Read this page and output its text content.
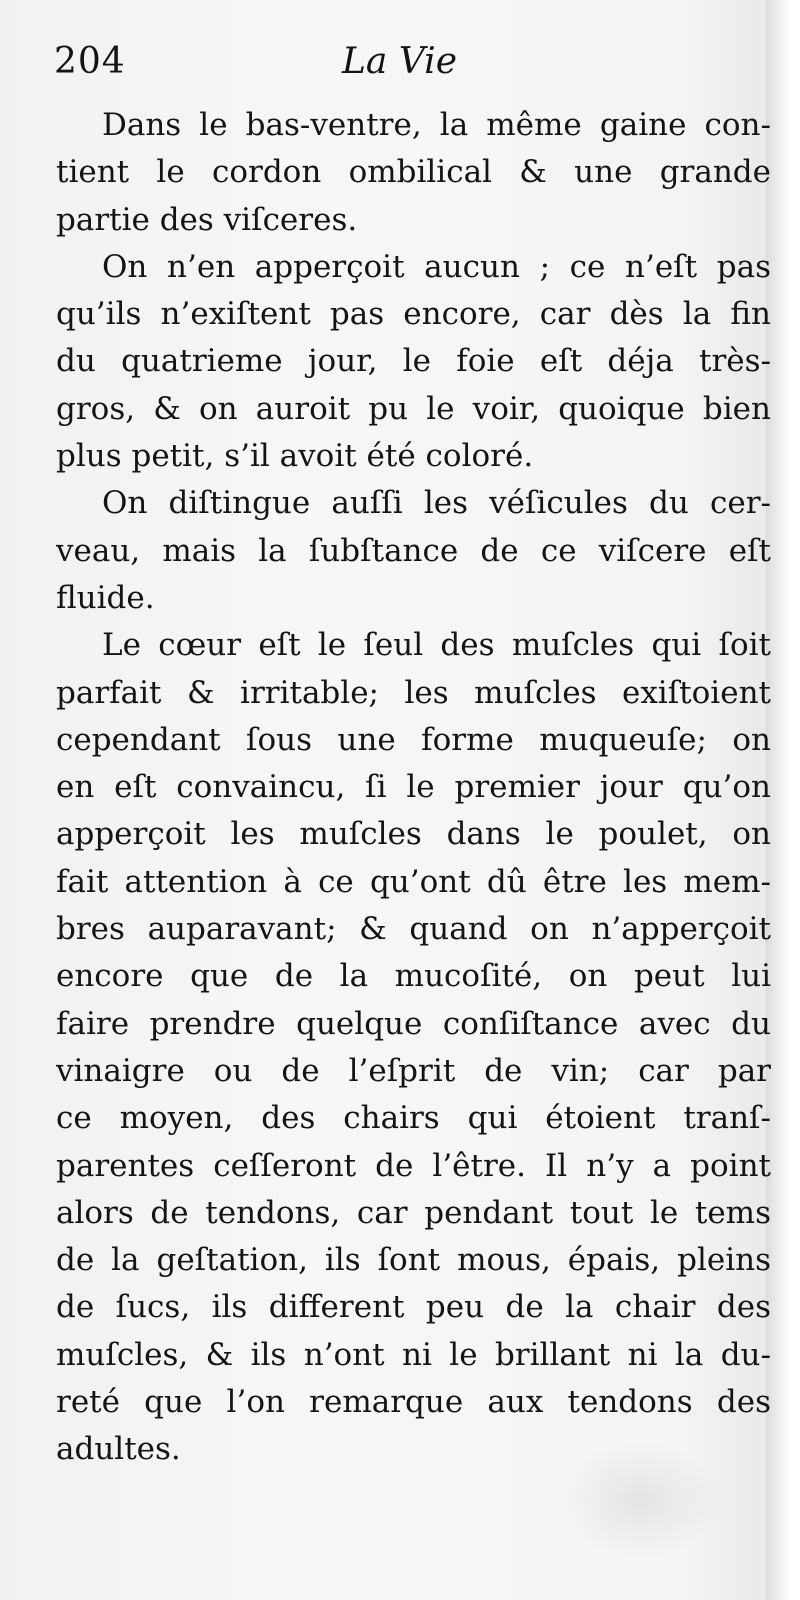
204	La Vie

Dans le bas-ventre, la même gaine con-
tient le cordon ombilical & une grande
partie des viſceres.

On n’en apperçoit aucun ; ce n’eſt pas
qu’ils n’exiſtent pas encore, car dès la fin
du quatrieme jour, le foie eſt déja très-
gros, & on auroit pu le voir, quoique bien
plus petit, s’il avoit été coloré.

On diſtingue auſſi les véſicules du cer-
veau, mais la ſubſtance de ce viſcere eſt
fluide.

Le cœur eſt le ſeul des muſcles qui ſoit
parfait & irritable; les muſcles exiſtoient
cependant ſous une forme muqueuſe; on
en eſt convaincu, ſi le premier jour qu’on
apperçoit les muſcles dans le poulet, on
fait attention à ce qu’ont dû être les mem-
bres auparavant; & quand on n’apperçoit
encore que de la mucoſité, on peut lui
faire prendre quelque conſiſtance avec du
vinaigre ou de l’eſprit de vin; car par
ce moyen, des chairs qui étoient tranſ-
parentes ceſſeront de l’être. Il n’y a point
alors de tendons, car pendant tout le tems
de la geſtation, ils ſont mous, épais, pleins
de ſucs, ils different peu de la chair des
muſcles, & ils n’ont ni le brillant ni la du-
reté que l’on remarque aux tendons des
adultes.
